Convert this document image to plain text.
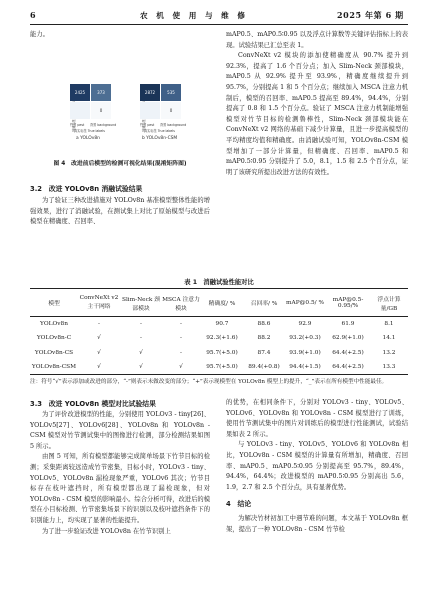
6	农 机 使 用 与 维 修	2025 年第 6 期
能力。
2425	373
0
竹节 pest 背景 background
真实标签 True labels
a YOLOv8n
2872	535
0
竹节 pest 背景 background
真实标签 True labels
b YOLOv8n-CSM
图 4　改进前后模型的检测可视化结果(混淆矩阵图)
3.2　改进 YOLOv8n 消融试验结果

为了验证三种改进措施对 YOLOv8n 基准模型整体性能的增强效果，进行了消融试验，在测试集上对比了原始模型与改进后模型在精确度、召回率、

mAP0.5、mAP0.5∶0.95 以及浮点计算数等关键评估指标上的表现。试验结果已汇总至表 1。

ConvNeXt v2 模块的添加使精确度从 90.7% 提升到 92.3%，提高了 1.6 个百分点；加入 Slim-Neck 颈部模块，mAP0.5 从 92.9% 提升至 93.9%，精确度继续提升到 95.7%，分别提高 1 和 5 个百分点；继续加入 MSCA 注意力机制后，模型的召回率、mAP0.5 提高至 89.4%，94.4%，分别提高了 0.8 和 1.5 个百分点。验证了 MSCA 注意力机制能增强模型对竹节目标的检测鲁棒性，Slim-Neck 颈部模块能在 ConvNeXt v2 网络的基础下减少计算量，且进一步提高模型的平均精度均值和精确度。由消融试验可知，YOLOv8n-CSM 模型增加了一部分计算量，但精确度、召回率、mAP0.5 和 mAP0.5∶0.95 分别提升了 5.0，8.1，1.5 和 2.5 个百分点，证明了该研究所提出改进方法的有效性。

表 1　消融试验性能对比
模型	ConvNeXt v2 主干网络	Slim-Neck 颈部模块	MSCA 注意力模块	精确度/ %	召回率/ %	mAP@0.5/ %	mAP@0.5-0.95/%	浮点计算量/GB
YOLOv8n	-	-	-	90.7	88.6	92.9	61.9	8.1
YOLOv8n-C	√	-	-	92.3(+1.6)	88.2	93.2(+0.3)	62.9(+1.0)	14.1
YOLOv8n-CS	√	√	-	95.7(+5.0)	87.4	93.9(+1.0)	64.4(+2.5)	13.2
YOLOv8n-CSM	√	√	√	95.7(+5.0)	89.4(+0.8)	94.4(+1.5)	64.4(+2.5)	13.3
注：符号“√”表示添加或改进的部分，“-”则表示未做改变的部分；“+”表示现模型在 YOLOv8n 模型上的提升，“_”表示在所有模型中性能最佳。
3.3　改进 YOLOv8n 模型对比试验结果

为了评价改进模型的性能，分别使用 YOLOv3 - tiny[26]、YOLOv5[27]、YOLOv6[28]、YOLOv8n 和 YOLOv8n - CSM 模型对竹节测试集中的图像进行检测，部分检测结果如图 5 所示。

由图 5 可知，所有模型都能够完成简单场景下竹节目标的检测；采集距离较远造成竹节密集，目标小时，YOLOv3 - tiny、YOLOv5、YOLOv8n 漏检现象严重，YOLOv6 其次；竹节目标存在枝叶遮挡时，所有模型都出现了漏检现象，但对 YOLOv8n - CSM 模型的影响最小。综合分析可得，改进后的模型在小目标检测、竹节密集场景下的识别以及枝叶遮挡条件下的识别能力上，均实现了显著的性能提升。

为了进一步验证改进 YOLOv8n 在竹节识别上

的优势，在相同条件下，分别对 YOLOv3 - tiny、YOLOv5、YOLOv6、YOLOv8n 和 YOLOv8n - CSM 模型进行了训练，使用竹节测试集中的图片对训练后的模型进行性能测试，试验结果如表 2 所示。

与 YOLOv3 - tiny、YOLOv5、YOLOv6 和 YOLOv8n 相比，YOLOv8n - CSM 模型的计算量有所增加，精确度、召回率、mAP0.5、mAP0.5∶0.95 分别提高至 95.7%，89.4%，94.4%，64.4%；改进模型的 mAP0.5∶0.95 分别高出 5.6，1.9，2.7 和 2.5 个百分点，具有显著优势。

4　结论

为解决竹材初加工中遇节难的问题，本文基于 YOLOv8n 框架，提出了一种 YOLOv8n - CSM 竹节检
